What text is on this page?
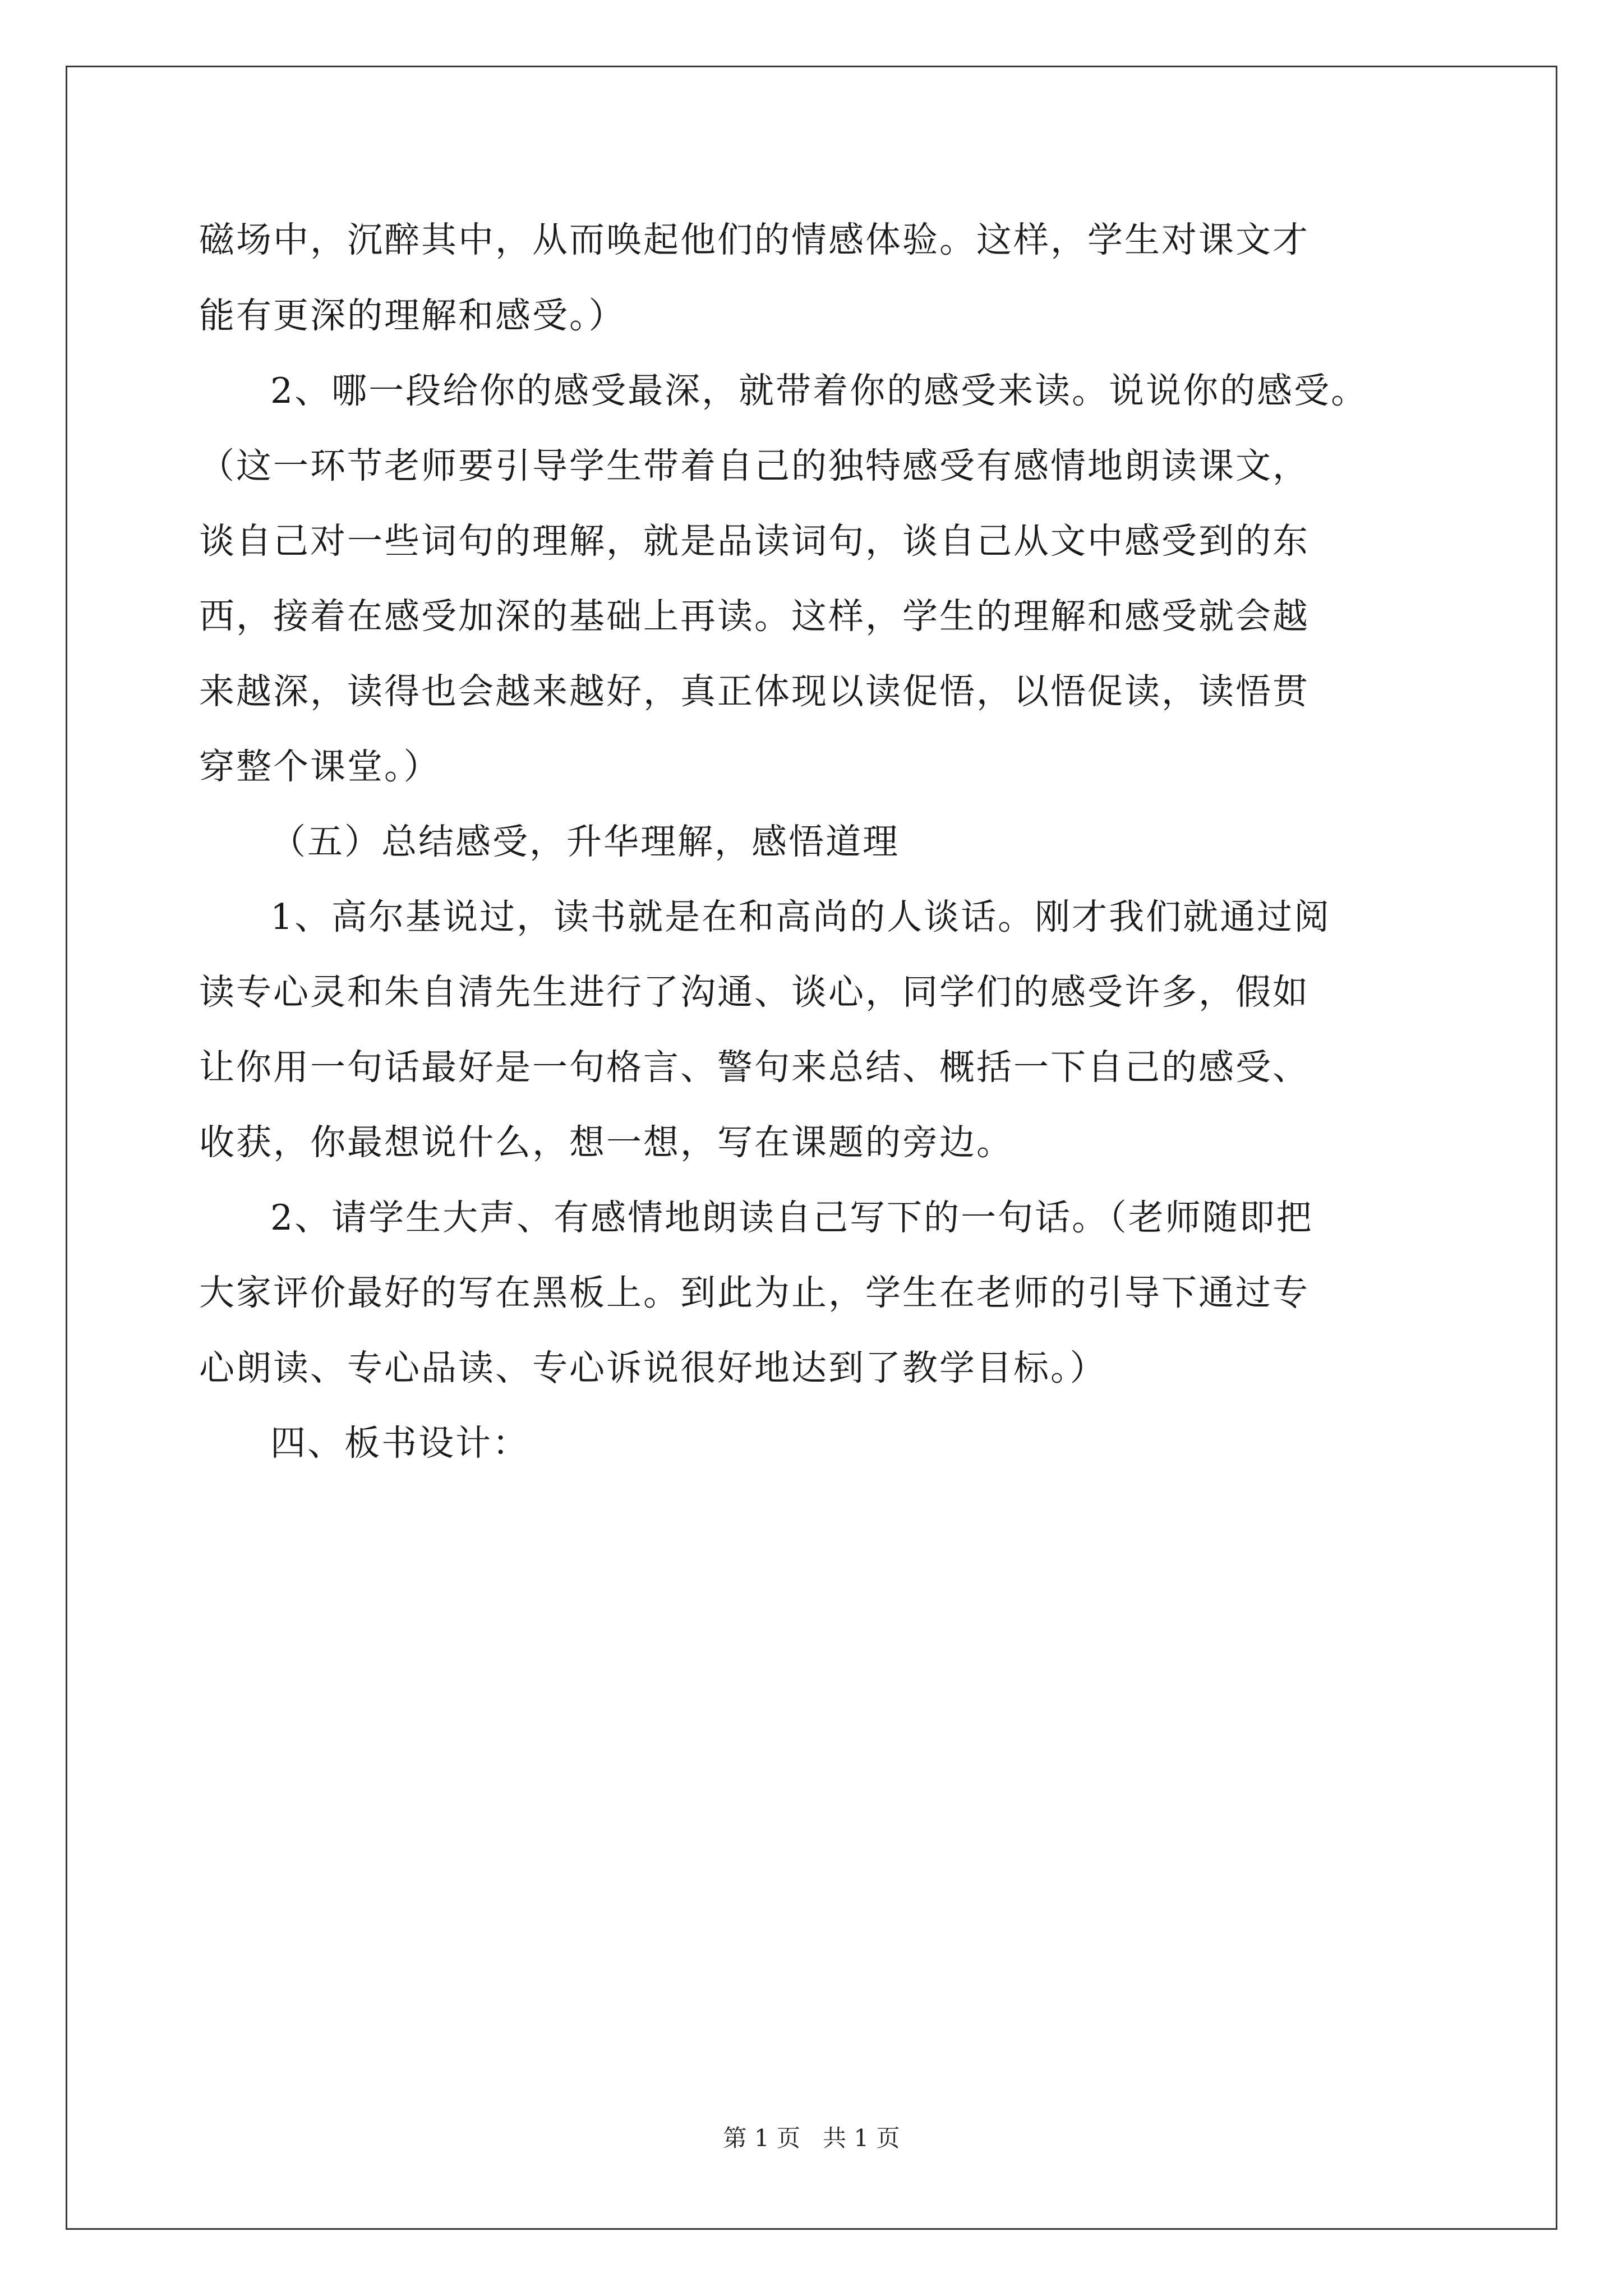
磁场中，沉醉其中，从而唤起他们的情感体验。这样，学生对课文才
能有更深的理解和感受。）
2、哪一段给你的感受最深，就带着你的感受来读。说说你的感受。
（这一环节老师要引导学生带着自己的独特感受有感情地朗读课文，
谈自己对一些词句的理解，就是品读词句，谈自己从文中感受到的东
西，接着在感受加深的基础上再读。这样，学生的理解和感受就会越
来越深，读得也会越来越好，真正体现以读促悟，以悟促读，读悟贯
穿整个课堂。）
（五）总结感受，升华理解，感悟道理
1、高尔基说过，读书就是在和高尚的人谈话。刚才我们就通过阅
读专心灵和朱自清先生进行了沟通、谈心，同学们的感受许多，假如
让你用一句话最好是一句格言、警句来总结、概括一下自己的感受、
收获，你最想说什么，想一想，写在课题的旁边。
2、请学生大声、有感情地朗读自己写下的一句话。（老师随即把
大家评价最好的写在黑板上。到此为止，学生在老师的引导下通过专
心朗读、专心品读、专心诉说很好地达到了教学目标。）
四、板书设计：
第 1 页   共 1 页
